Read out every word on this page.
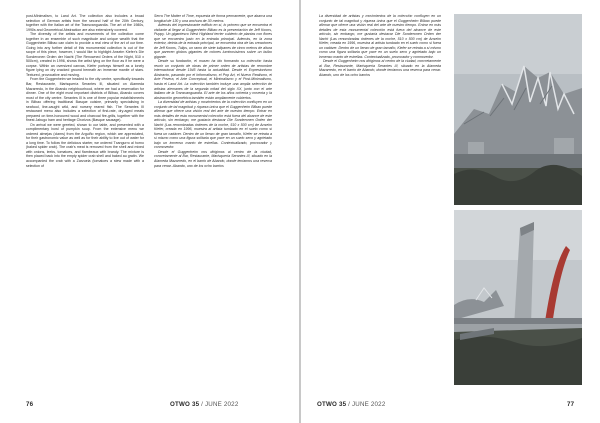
post-Minimalism, to Land Art. The collection also includes a broad selection of German artists from the second half of the 20th Century, together with the Italian art of the Transvanguardia. The art of the 1980s, 1990s and Geometrical Abstraction are also extensively covered.

The diversity of the artists and movements of the collection come together in an ensemble of such magnitude and unique wealth that the Guggenheim Bilbao can claim to provide a real view of the art of our time. Going into any further detail of this monumental collection is out of the scope of this piece, however, I would like to highlight Anselm Kiefer's Die Sonderonen Orden der Nacht (The Renowned Orders of the Night, 510 x 500cm), created in 1996, shows the artist lying on the floor as if he were a corpse. Within an oversized canvas, Kiefer portrays himself as a lonely figure lying on dry cracked ground beneath an immense mantle of stars. Textured, provocative and moving.

From the Guggenheim we headed to the city centre, specifically towards Bar, Restaurante, Marisquería Serantes III, situated on Alameda Mazarredo, in the Abando neighbourhood, where we had a reservation for dinner. One of the eight most important districts of Bilbao, Abando covers most of the city centre. Serantes III is one of three popular establishments in Bilbao offering traditional Basque cuisine, primarily specialising in seafood, line-caught wild, and nursery reared fish. The Serantes III restaurant menu also includes a selection of first-rate, dry-aged meats prepared on time-honoured wood and charcoal fire-grills, together with the finest Jabugo ham and heritage Chorizos (Basque sausage).

On arrival we were greeted, shown to our table, and presented with a complimentary bowl of pumpkin soup. From the extensive menu we ordered almejas (clams) from the Arguiño region, which are appreciated, for their gastronomic value as well as for their ability to live out of water for a long time. To follow the delicious starter, we ordered Txangurro al horno (baked spider crab). The crab's meat is removed from the shell and mixed with onions, leeks, tomatoes, and flambeaux with brandy. The mixture is then placed back into the empty spider crab shell and baked au gratin. We accompanied the crab with a Zarzuela (tomatoes a stew made with a selection of

Serra The Matter of Time, expuesta de forma permanente, que abarca una longitud de 130 y una anchura de 30 metros.

Además del impresionante edificio en sí, lo primero que se encuentra el visitante al llegar al Guggenheim Bilbao es la presentación de Jeff Koons, Puppy. Un gigantesco West Highland terrier cubierto de plantas con flores que se encuentra justo en la entrada principal. Además, en la zona exterior, detrás de la entrada principal, se encuentra otra de las creaciones de Jeff Koons, Tulips, un ramo de siete tulipanes de cinco metros de altura que parecen globos gigantes de colores luminosísimos sobre un bulbo gigante.

Desde su fundación, el museo ha ido formando su colección hasta reunir un conjunto de obras de primer orden de artistas de renombre internacional desde 1945 hasta la actualidad. Desde el Expresionismo Abstracto, pasando por el Informalismo, el Pop Art, el Nuevo Realismo, el Arte Povera, el Arte Conceptual, el Minimalismo y el Post-Minimalismo, hasta el Land Art. La colección también incluye una amplia selección de artistas alemanes de la segunda mitad del siglo XX, junto con el arte italiano de la Transvanguardia. El arte de los años ochenta y noventa y la abstracción geométrica también están ampliamente cubiertos.

La diversidad de artistas y movimientos de la colección confluyen en un conjunto de tal magnitud y riqueza única que el Guggenheim Bilbao puede afirmar que ofrece una visión real del arte de nuestro tiempo. Entrar en más detalles de esta monumental colección está fuera del alcance de este artículo, sin embargo, me gustaría destacar Die Sonderonen Orden der Nacht (Las renombradas órdenes de la noche, 510 x 500 cm) de Anselm Kiefer, creada en 1996, muestra al artista tumbado en el suelo como si fuera un cadáver. Dentro de un lienzo de gran tamaño, Kiefer se retrata a sí mismo como una figura solitaria que yace en un suelo seco y agrietado bajo un inmenso manto de estrellas. Contextualizado, provocador y conmovedor.

Desde el Guggenheim nos dirigimos al centro de la ciudad, concretamente al Bar, Restaurante, Marisquería Serantes III, situado en la Alameda Mazarredo, en el barrio de Abando, donde teníamos una reserva para cenar. Abando, uno de los ocho barrios

76	OTWO 35 / JUNE 2022

La diversidad de artistas y movimientos de la colección confluyen en un conjunto de tal magnitud y riqueza única que el Guggenheim Bilbao puede afirmar que ofrece una visión real del arte de nuestro tiempo. Entrar en más detalles de esta monumental colección está fuera del alcance de este artículo, sin embargo, me gustaría destacar Die Sonderonen Orden der Nacht (Las renombradas órdenes de la noche, 510 x 500 cm) de Anselm Kiefer, creada en 1996, muestra al artista tumbado en el suelo como si fuera un cadáver. Dentro de un lienzo de gran tamaño, Kiefer se retrata a sí mismo como una figura solitaria que yace en un suelo seco y agrietado bajo un inmenso manto de estrellas. Contextualizado, provocador y conmovedor.

Desde el Guggenheim nos dirigimos al centro de la ciudad, concretamente al Bar, Restaurante, Marisquería Serantes III, situado en la Alameda Mazarredo, en el barrio de Abando, donde teníamos una reserva para cenar. Abando, uno de los ocho barrios

OTWO 35 / JUNE 2022	77
